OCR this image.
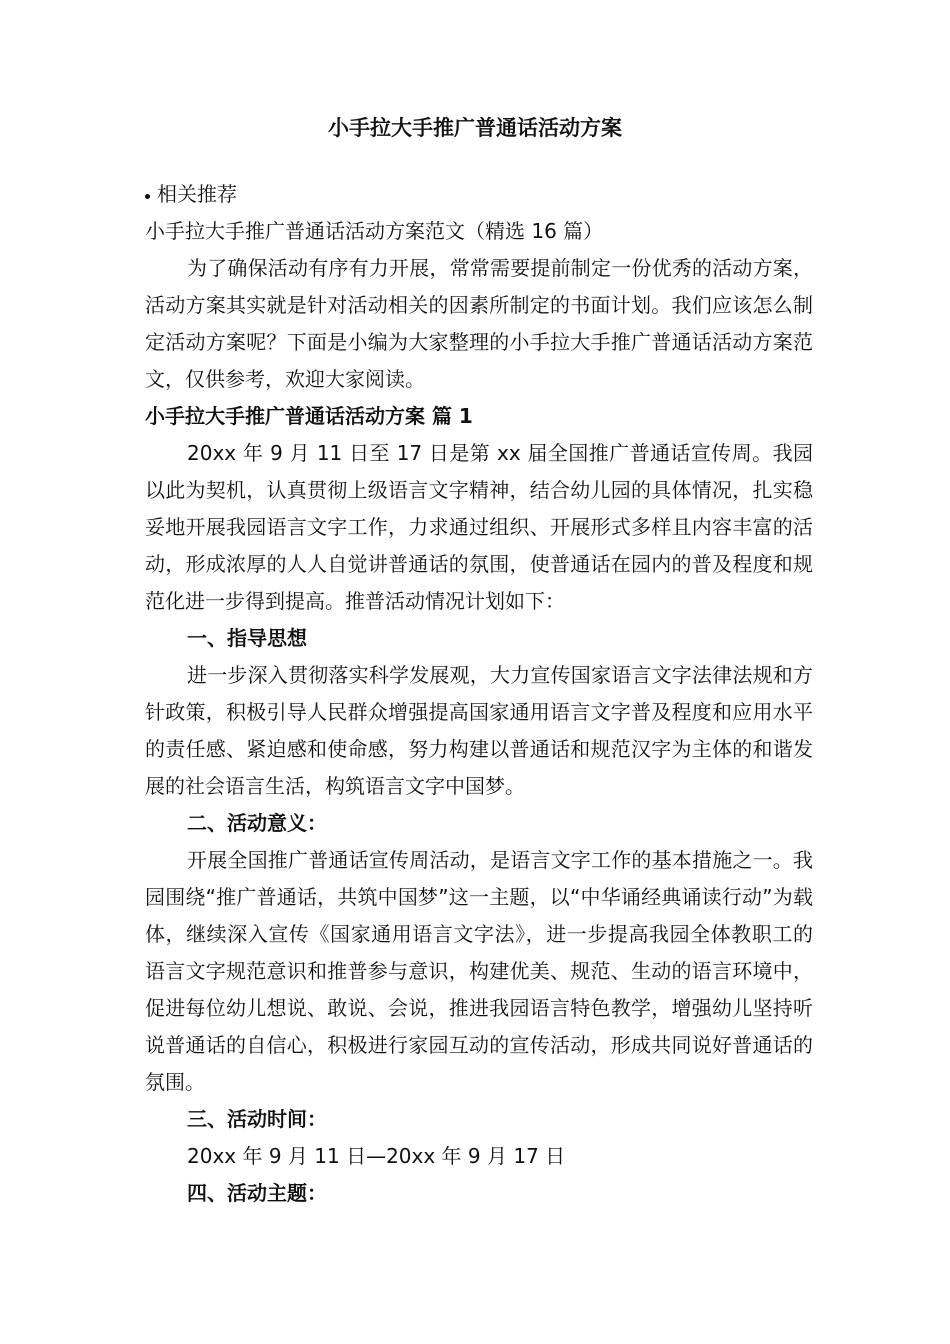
小手拉大手推广普通话活动方案

相关推荐

小手拉大手推广普通话活动方案范文（精选 16 篇）

为了确保活动有序有力开展，常常需要提前制定一份优秀的活动方案，活动方案其实就是针对活动相关的因素所制定的书面计划。我们应该怎么制定活动方案呢？下面是小编为大家整理的小手拉大手推广普通话活动方案范文，仅供参考，欢迎大家阅读。

小手拉大手推广普通话活动方案 篇 1

20xx 年 9 月 11 日至 17 日是第 xx 届全国推广普通话宣传周。我园以此为契机，认真贯彻上级语言文字精神，结合幼儿园的具体情况，扎实稳妥地开展我园语言文字工作，力求通过组织、开展形式多样且内容丰富的活动，形成浓厚的人人自觉讲普通话的氛围，使普通话在园内的普及程度和规范化进一步得到提高。推普活动情况计划如下：

一、指导思想

进一步深入贯彻落实科学发展观，大力宣传国家语言文字法律法规和方针政策，积极引导人民群众增强提高国家通用语言文字普及程度和应用水平的责任感、紧迫感和使命感，努力构建以普通话和规范汉字为主体的和谐发展的社会语言生活，构筑语言文字中国梦。

二、活动意义：

开展全国推广普通话宣传周活动，是语言文字工作的基本措施之一。我园围绕“推广普通话，共筑中国梦”这一主题，以“中华诵经典诵读行动”为载体，继续深入宣传《国家通用语言文字法》，进一步提高我园全体教职工的语言文字规范意识和推普参与意识，构建优美、规范、生动的语言环境中，促进每位幼儿想说、敢说、会说，推进我园语言特色教学，增强幼儿坚持听说普通话的自信心，积极进行家园互动的宣传活动，形成共同说好普通话的氛围。

三、活动时间：

20xx 年 9 月 11 日—20xx 年 9 月 17 日

四、活动主题：
